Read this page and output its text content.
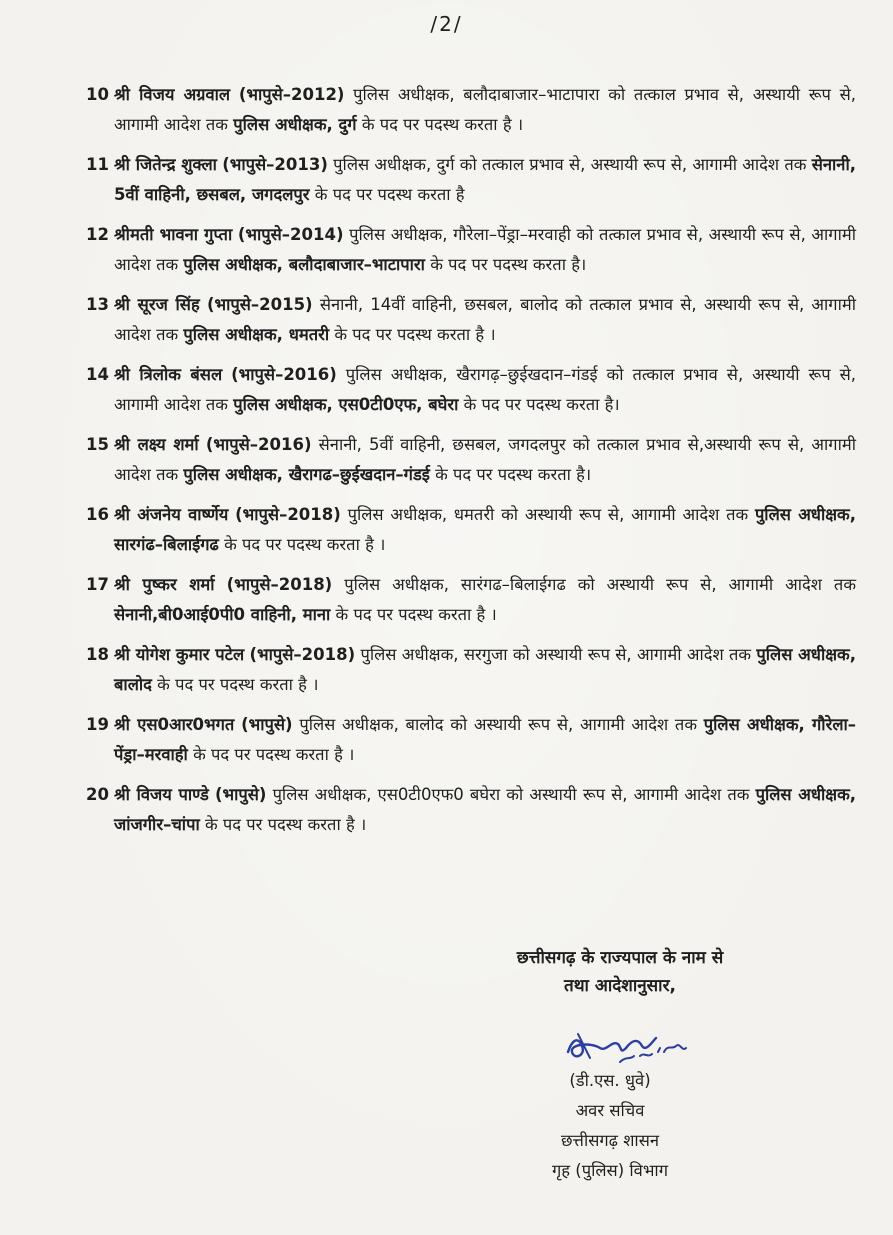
/2/
10 श्री विजय अग्रवाल (भापुसे–2012) पुलिस अधीक्षक, बलौदाबाजार–भाटापारा को तत्काल प्रभाव से, अस्थायी रूप से, आगामी आदेश तक पुलिस अधीक्षक, दुर्ग के पद पर पदस्थ करता है ।
11 श्री जितेन्द्र शुक्ला (भापुसे–2013) पुलिस अधीक्षक, दुर्ग को तत्काल प्रभाव से, अस्थायी रूप से, आगामी आदेश तक सेनानी, 5वीं वाहिनी, छसबल, जगदलपुर के पद पर पदस्थ करता है
12 श्रीमती भावना गुप्ता (भापुसे–2014) पुलिस अधीक्षक, गौरेला–पेंड्रा–मरवाही को तत्काल प्रभाव से, अस्थायी रूप से, आगामी आदेश तक पुलिस अधीक्षक, बलौदाबाजार–भाटापारा के पद पर पदस्थ करता है।
13 श्री सूरज सिंह (भापुसे–2015) सेनानी, 14वीं वाहिनी, छसबल, बालोद को तत्काल प्रभाव से, अस्थायी रूप से, आगामी आदेश तक पुलिस अधीक्षक, धमतरी के पद पर पदस्थ करता है ।
14 श्री त्रिलोक बंसल (भापुसे–2016) पुलिस अधीक्षक, खैरागढ़–छुईखदान–गंडई को तत्काल प्रभाव से, अस्थायी रूप से, आगामी आदेश तक पुलिस अधीक्षक, एस0टी0एफ, बघेरा के पद पर पदस्थ करता है।
15 श्री लक्ष्य शर्मा (भापुसे–2016) सेनानी, 5वीं वाहिनी, छसबल, जगदलपुर को तत्काल प्रभाव से,अस्थायी रूप से, आगामी आदेश तक पुलिस अधीक्षक, खैरागढ–छुईखदान–गंडई के पद पर पदस्थ करता है।
16 श्री अंजनेय वार्ष्णेय (भापुसे–2018) पुलिस अधीक्षक, धमतरी को अस्थायी रूप से, आगामी आदेश तक पुलिस अधीक्षक, सारगंढ–बिलाईगढ के पद पर पदस्थ करता है ।
17 श्री पुष्कर शर्मा (भापुसे–2018) पुलिस अधीक्षक, सारंगढ–बिलाईगढ को अस्थायी रूप से, आगामी आदेश तक सेनानी,बी0आई0पी0 वाहिनी, माना के पद पर पदस्थ करता है ।
18 श्री योगेश कुमार पटेल (भापुसे–2018) पुलिस अधीक्षक, सरगुजा को अस्थायी रूप से, आगामी आदेश तक पुलिस अधीक्षक, बालोद के पद पर पदस्थ करता है ।
19 श्री एस0आर0भगत (भापुसे) पुलिस अधीक्षक, बालोद को अस्थायी रूप से, आगामी आदेश तक पुलिस अधीक्षक, गौरेला–पेंड्रा–मरवाही के पद पर पदस्थ करता है ।
20 श्री विजय पाण्डे (भापुसे) पुलिस अधीक्षक, एस0टी0एफ0 बघेरा को अस्थायी रूप से, आगामी आदेश तक पुलिस अधीक्षक, जांजगीर–चांपा के पद पर पदस्थ करता है ।
छत्तीसगढ़ के राज्यपाल के नाम से
तथा आदेशानुसार,
(डी.एस. धुवे)
अवर सचिव
छत्तीसगढ़ शासन
गृह (पुलिस) विभाग
